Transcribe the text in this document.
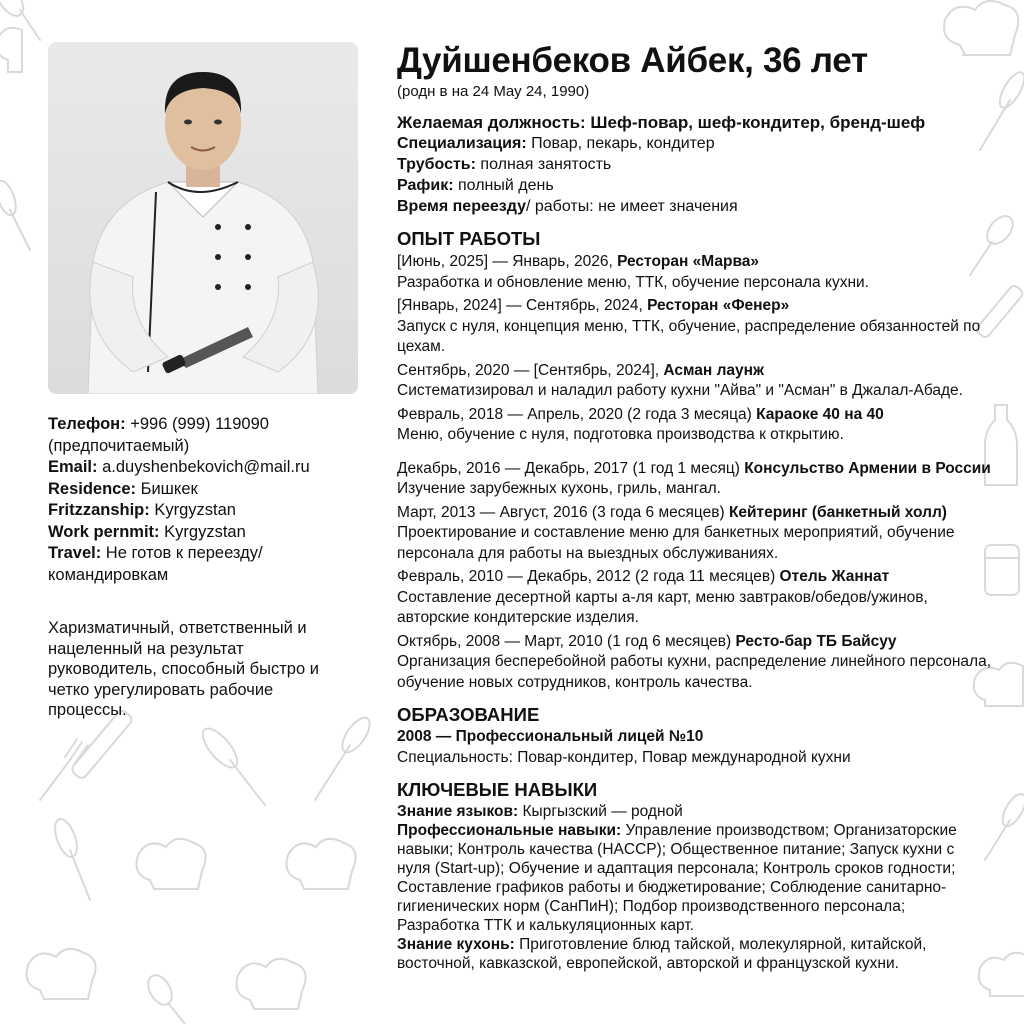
Телефон: +996 (999) 119090
(предпочитаемый)
Email: a.duyshenbekovich@mail.ru
Residence: Бишкек
Fritzzanship: Kyrgyzstan
Work pernmit: Kyrgyzstan
Travel: Не готов к переезду/
командировкам
Харизматичный, ответственный и нацеленный на результат руководитель, способный быстро и четко урегулировать рабочие процессы.
Дуйшенбеков Айбек, 36 лет
(родн в на 24 May 24, 1990)
Желаемая должность: Шеф-повар, шеф-кондитер, бренд-шеф
Специализация: Повар, пекарь, кондитер
Трубость: полная занятость
Рафик: полный день
Время переезду/ работы: не имеет значения
ОПЫТ РАБОТЫ
[Июнь, 2025] — Январь, 2026, Ресторан «Марва»
Разработка и обновление меню, ТТК, обучение персонала кухни.
[Январь, 2024] — Сентябрь, 2024, Ресторан «Фенер»
Запуск с нуля, концепция меню, ТТК, обучение, распределение обязанностей по цехам.
Сентябрь, 2020 — [Сентябрь, 2024], Асман лаунж
Систематизировал и наладил работу кухни "Айва" и "Асман" в Джалал-Абаде.
Февраль, 2018 — Апрель, 2020 (2 года 3 месяца) Караоке 40 на 40
Меню, обучение с нуля, подготовка производства к открытию.
Декабрь, 2016 — Декабрь, 2017 (1 год 1 месяц) Консульство Армении в России
Изучение зарубежных кухонь, гриль, мангал.
Март, 2013 — Август, 2016 (3 года 6 месяцев) Кейтеринг (банкетный холл)
Проектирование и составление меню для банкетных мероприятий, обучение персонала для работы на выездных обслуживаниях.
Февраль, 2010 — Декабрь, 2012 (2 года 11 месяцев) Отель Жаннат
Составление десертной карты а-ля карт, меню завтраков/обедов/ужинов, авторские кондитерские изделия.
Октябрь, 2008 — Март, 2010 (1 год 6 месяцев) Ресто-бар ТБ Байсуу
Организация бесперебойной работы кухни, распределение линейного персонала, обучение новых сотрудников, контроль качества.
ОБРАЗОВАНИЕ
2008 — Профессиональный лицей №10
Специальность: Повар-кондитер, Повар международной кухни
КЛЮЧЕВЫЕ НАВЫКИ
Знание языков: Кыргызский — родной
Профессиональные навыки: Управление производством; Организаторские навыки; Контроль качества (HACCP); Общественное питание; Запуск кухни с нуля (Start-up); Обучение и адаптация персонала; Контроль сроков годности; Составление графиков работы и бюджетирование; Соблюдение санитарно-гигиенических норм (СанПиН); Подбор производственного персонала; Разработка ТТК и калькуляционных карт.
Знание кухонь: Приготовление блюд тайской, молекулярной, китайской, восточной, кавказской, европейской, авторской и французской кухни.
